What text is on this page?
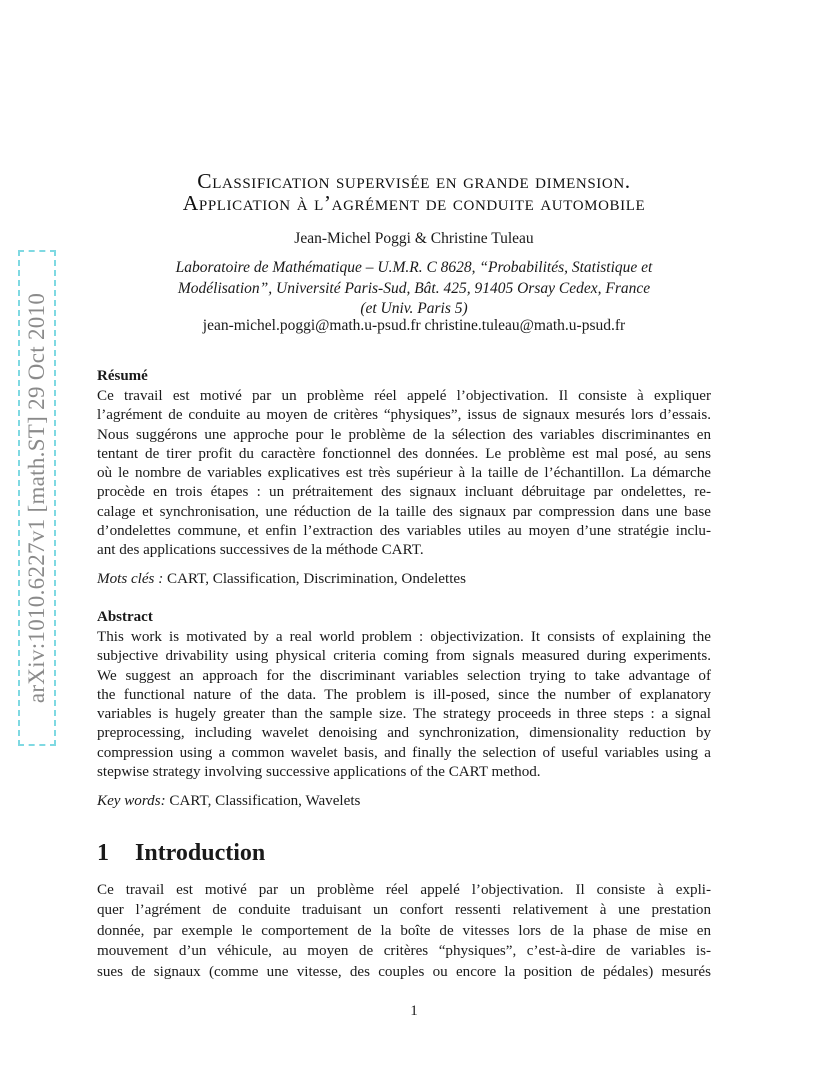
arXiv:1010.6227v1 [math.ST] 29 Oct 2010
Classification supervisée en grande dimension.
Application à l’agrément de conduite automobile
Jean-Michel Poggi & Christine Tuleau
Laboratoire de Mathématique – U.M.R. C 8628, “Probabilités, Statistique et
Modélisation”, Université Paris-Sud, Bât. 425, 91405 Orsay Cedex, France
(et Univ. Paris 5)
jean-michel.poggi@math.u-psud.fr christine.tuleau@math.u-psud.fr
Résumé
Ce travail est motivé par un problème réel appelé l’objectivation. Il consiste à expliquer
l’agrément de conduite au moyen de critères “physiques”, issus de signaux mesurés lors d’essais.
Nous suggérons une approche pour le problème de la sélection des variables discriminantes en
tentant de tirer profit du caractère fonctionnel des données. Le problème est mal posé, au sens
où le nombre de variables explicatives est très supérieur à la taille de l’échantillon. La démarche
procède en trois étapes : un prétraitement des signaux incluant débruitage par ondelettes, re-
calage et synchronisation, une réduction de la taille des signaux par compression dans une base
d’ondelettes commune, et enfin l’extraction des variables utiles au moyen d’une stratégie inclu-
ant des applications successives de la méthode CART.
Mots clés : CART, Classification, Discrimination, Ondelettes
Abstract
This work is motivated by a real world problem : objectivization. It consists of explaining the
subjective drivability using physical criteria coming from signals measured during experiments.
We suggest an approach for the discriminant variables selection trying to take advantage of
the functional nature of the data. The problem is ill-posed, since the number of explanatory
variables is hugely greater than the sample size. The strategy proceeds in three steps : a signal
preprocessing, including wavelet denoising and synchronization, dimensionality reduction by
compression using a common wavelet basis, and finally the selection of useful variables using a
stepwise strategy involving successive applications of the CART method.
Key words: CART, Classification, Wavelets
1 Introduction
Ce travail est motivé par un problème réel appelé l’objectivation. Il consiste à expli-
quer l’agrément de conduite traduisant un confort ressenti relativement à une prestation
donnée, par exemple le comportement de la boîte de vitesses lors de la phase de mise en
mouvement d’un véhicule, au moyen de critères “physiques”, c’est-à-dire de variables is-
sues de signaux (comme une vitesse, des couples ou encore la position de pédales) mesurés
1
